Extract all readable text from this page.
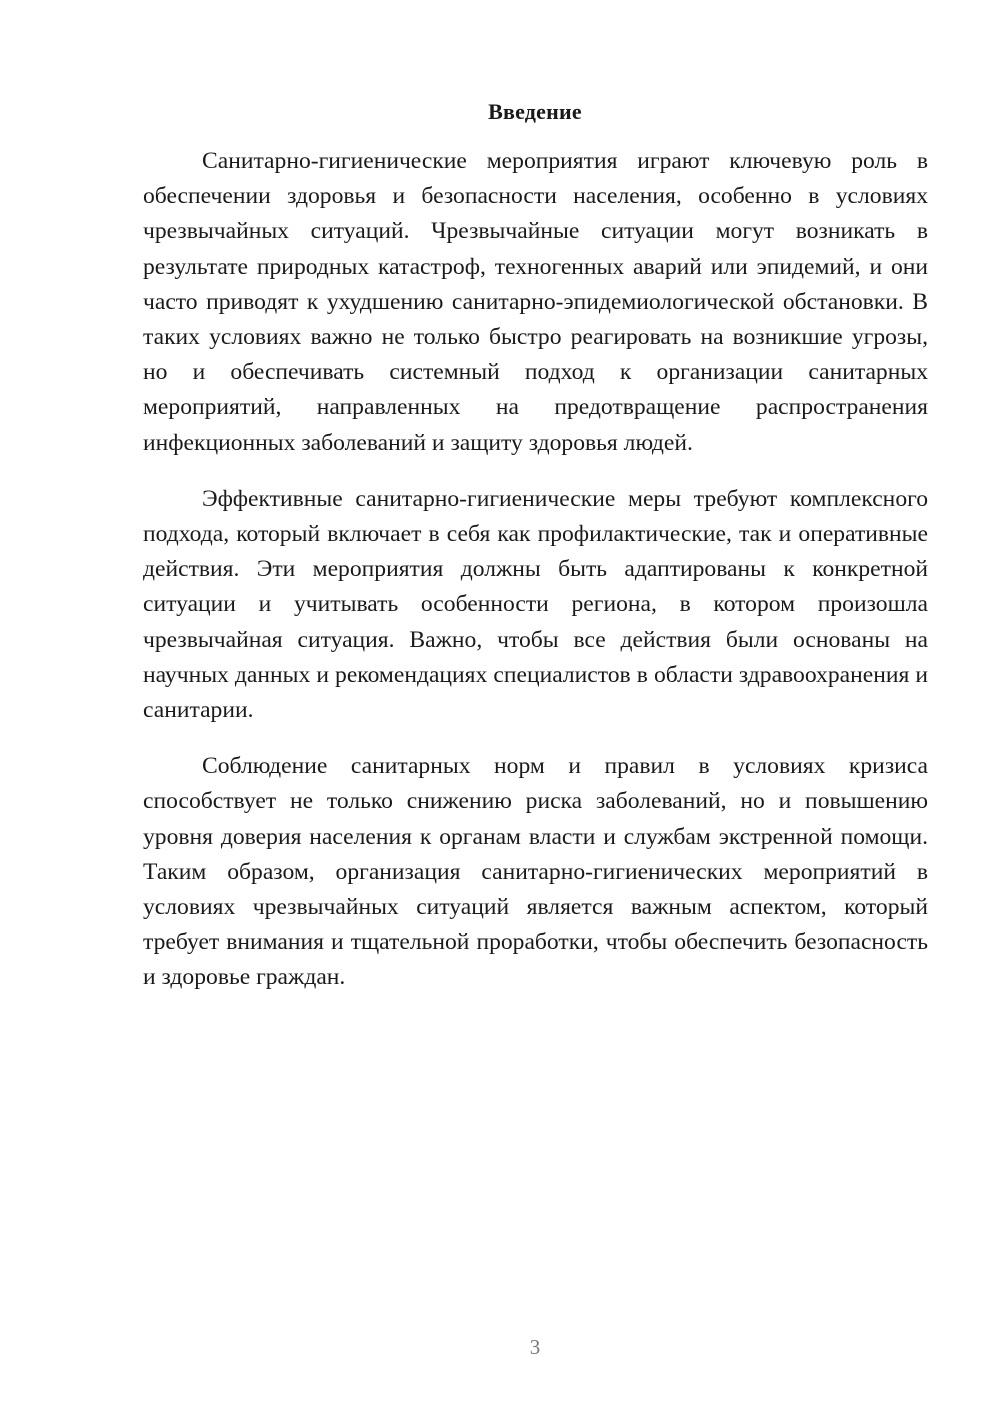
Введение

Санитарно-гигиенические мероприятия играют ключевую роль в обеспечении здоровья и безопасности населения, особенно в условиях чрезвычайных ситуаций. Чрезвычайные ситуации могут возникать в результате природных катастроф, техногенных аварий или эпидемий, и они часто приводят к ухудшению санитарно-эпидемиологической обстановки. В таких условиях важно не только быстро реагировать на возникшие угрозы, но и обеспечивать системный подход к организации санитарных мероприятий, направленных на предотвращение распространения инфекционных заболеваний и защиту здоровья людей.

Эффективные санитарно-гигиенические меры требуют комплексного подхода, который включает в себя как профилактические, так и оперативные действия. Эти мероприятия должны быть адаптированы к конкретной ситуации и учитывать особенности региона, в котором произошла чрезвычайная ситуация. Важно, чтобы все действия были основаны на научных данных и рекомендациях специалистов в области здравоохранения и санитарии.

Соблюдение санитарных норм и правил в условиях кризиса способствует не только снижению риска заболеваний, но и повышению уровня доверия населения к органам власти и службам экстренной помощи. Таким образом, организация санитарно-гигиенических мероприятий в условиях чрезвычайных ситуаций является важным аспектом, который требует внимания и тщательной проработки, чтобы обеспечить безопасность и здоровье граждан.

3
